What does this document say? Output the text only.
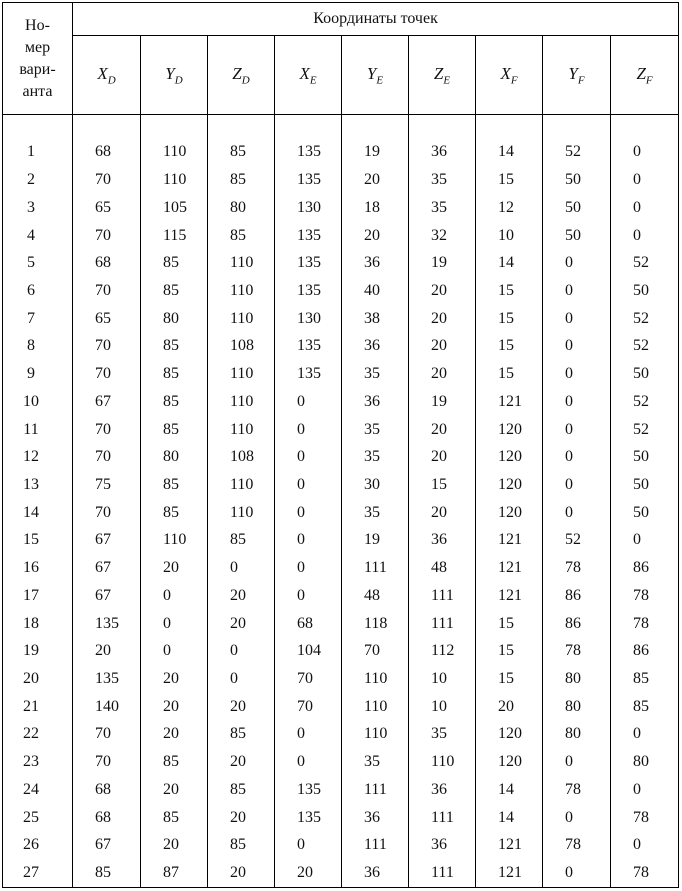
Но-
мер
вари-
анта	Координаты точек								
	$X_D$	$Y_D$	$Z_D$	$X_E$	$Y_E$	$Z_E$	$X_F$	$Y_F$	$Z_F$

1	68	110	85	135	19	36	14	52	0
2	70	110	85	135	20	35	15	50	0
3	65	105	80	130	18	35	12	50	0
4	70	115	85	135	20	32	10	50	0
5	68	85	110	135	36	19	14	0	52
6	70	85	110	135	40	20	15	0	50
7	65	80	110	130	38	20	15	0	52
8	70	85	108	135	36	20	15	0	52
9	70	85	110	135	35	20	15	0	50
10	67	85	110	0	36	19	121	0	52
11	70	85	110	0	35	20	120	0	52
12	70	80	108	0	35	20	120	0	50
13	75	85	110	0	30	15	120	0	50
14	70	85	110	0	35	20	120	0	50
15	67	110	85	0	19	36	121	52	0
16	67	20	0	0	111	48	121	78	86
17	67	0	20	0	48	111	121	86	78
18	135	0	20	68	118	111	15	86	78
19	20	0	0	104	70	112	15	78	86
20	135	20	0	70	110	10	15	80	85
21	140	20	20	70	110	10	20	80	85
22	70	20	85	0	110	35	120	80	0
23	70	85	20	0	35	110	120	0	80
24	68	20	85	135	111	36	14	78	0
25	68	85	20	135	36	111	14	0	78
26	67	20	85	0	111	36	121	78	0
27	85	87	20	20	36	111	121	0	78
